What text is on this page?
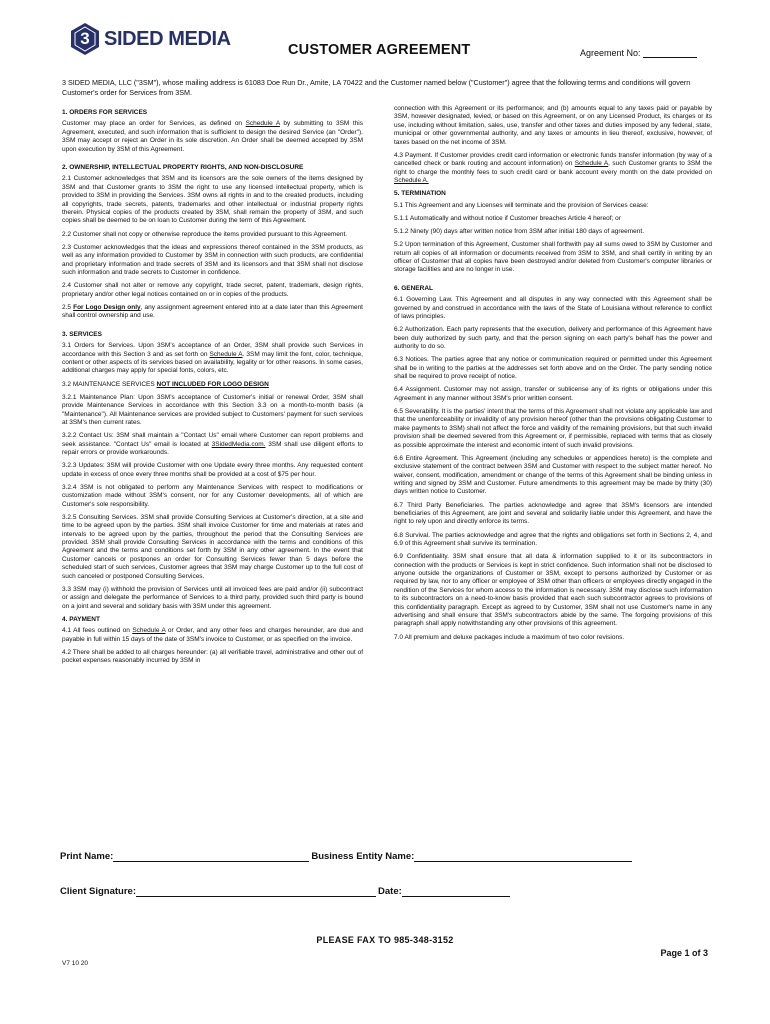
3 SIDED MEDIA
CUSTOMER AGREEMENT	Agreement No:
3 SIDED MEDIA, LLC ("3SM"), whose mailing address is 61083 Doe Run Dr., Amite, LA 70422 and the Customer named below ("Customer") agree that the following terms and conditions will govern Customer's order for Services from 3SM.
1. ORDERS FOR SERVICES

Customer may place an order for Services, as defined on Schedule A by submitting to 3SM this Agreement, executed, and such information that is sufficient to design the desired Service (an "Order"). 3SM may accept or reject an Order in its sole discretion. An Order shall be deemed accepted by 3SM upon execution by 3SM of this Agreement.

2. OWNERSHIP, INTELLECTUAL PROPERTY RIGHTS, AND NON-DISCLOSURE

2.1 Customer acknowledges that 3SM and its licensors are the sole owners of the items designed by 3SM and that Customer grants to 3SM the right to use any licensed intellectual property, which is provided to 3SM in providing the Services. 3SM owns all rights in and to the created products, including all copyrights, trade secrets, patents, trademarks and other intellectual or industrial property rights therein. Physical copies of the products created by 3SM, shall remain the property of 3SM, and such copies shall be deemed to be on loan to Customer during the term of this Agreement.

2.2 Customer shall not copy or otherwise reproduce the items provided pursuant to this Agreement.

2.3 Customer acknowledges that the ideas and expressions thereof contained in the 3SM products, as well as any information provided to Customer by 3SM in connection with such products, are confidential and proprietary information and trade secrets of 3SM and its licensors and that 3SM shall not disclose such information and trade secrets to Customer in confidence.

2.4 Customer shall not alter or remove any copyright, trade secret, patent, trademark, design rights, proprietary and/or other legal notices contained on or in copies of the products.

2.5 For Logo Design only, any assignment agreement entered into at a date later than this Agreement shall control ownership and use.

3. SERVICES

3.1 Orders for Services. Upon 3SM's acceptance of an Order, 3SM shall provide such Services in accordance with this Section 3 and as set forth on Schedule A. 3SM may limit the font, color, technique, content or other aspects of its services based on availability, legality or for other reasons. In some cases, additional charges may apply for special fonts, colors, etc.

3.2 MAINTENANCE SERVICES NOT INCLUDED FOR LOGO DESIGN

3.2.1 Maintenance Plan: Upon 3SM's acceptance of Customer's initial or renewal Order, 3SM shall provide Maintenance Services in accordance with this Section 3.3 on a month-to-month basis (a "Maintenance"). All Maintenance services are provided subject to Customers' payment for such services at 3SM's then current rates.

3.2.2 Contact Us: 3SM shall maintain a "Contact Us" email where Customer can report problems and seek assistance. "Contact Us" email is located at 3SidedMedia.com. 3SM shall use diligent efforts to repair errors or provide workarounds.

3.2.3 Updates: 3SM will provide Customer with one Update every three months. Any requested content update in excess of once every three months shall be provided at a cost of $75 per hour.

3.2.4 3SM is not obligated to perform any Maintenance Services with respect to modifications or customization made without 3SM's consent, nor for any Customer developments, all of which are Customer's sole responsibility.

3.2.5 Consulting Services. 3SM shall provide Consulting Services at Customer's direction, at a site and time to be agreed upon by the parties. 3SM shall invoice Customer for time and materials at rates and intervals to be agreed upon by the parties, throughout the period that the Consulting Services are provided. 3SM shall provide Consulting Services in accordance with the terms and conditions of this Agreement and the terms and conditions set forth by 3SM in any other agreement. In the event that Customer cancels or postpones an order for Consulting Services fewer than 5 days before the scheduled start of such services, Customer agrees that 3SM may charge Customer up to the full cost of such canceled or postponed Consulting Services.

3.3 3SM may (i) withhold the provision of Services until all invoiced fees are paid and/or (ii) subcontract or assign and delegate the performance of Services to a third party, provided such third party is bound on a joint and several and solidary basis with 3SM under this agreement.

4. PAYMENT

4.1 All fees outlined on Schedule A or Order, and any other fees and charges hereunder, are due and payable in full within 15 days of the date of 3SM's invoice to Customer, or as specified on the invoice.

4.2 There shall be added to all charges hereunder: (a) all verifiable travel, administrative and other out of pocket expenses reasonably incurred by 3SM in

connection with this Agreement or its performance; and (b) amounts equal to any taxes paid or payable by 3SM, however designated, levied, or based on this Agreement, or on any Licensed Product, its charges or its use, including without limitation, sales, use, transfer and other taxes and duties imposed by any federal, state, municipal or other governmental authority, and any taxes or amounts in lieu thereof, exclusive, however, of taxes based on the net income of 3SM.

4.3 Payment. If Customer provides credit card information or electronic funds transfer information (by way of a cancelled check or bank routing and account information) on Schedule A, such Customer grants to 3SM the right to charge the monthly fees to such credit card or bank account every month on the date provided on Schedule A.

5. TERMINATION

5.1 This Agreement and any Licenses will terminate and the provision of Services cease:

5.1.1 Automatically and without notice if Customer breaches Article 4 hereof; or

5.1.2 Ninety (90) days after written notice from 3SM after initial 180 days of agreement.

5.2 Upon termination of this Agreement, Customer shall forthwith pay all sums owed to 3SM by Customer and return all copies of all information or documents received from 3SM to 3SM, and shall certify in writing by an officer of Customer that all copies have been destroyed and/or deleted from Customer's computer libraries or storage facilities and are no longer in use.

6. GENERAL

6.1 Governing Law. This Agreement and all disputes in any way connected with this Agreement shall be governed by and construed in accordance with the laws of the State of Louisiana without reference to conflict of laws principles.

6.2 Authorization. Each party represents that the execution, delivery and performance of this Agreement have been duly authorized by such party, and that the person signing on each party's behalf has the power and authority to do so.

6.3 Notices. The parties agree that any notice or communication required or permitted under this Agreement shall be in writing to the parties at the addresses set forth above and on the Order. The party sending notice shall be required to prove receipt of notice.

6.4 Assignment. Customer may not assign, transfer or sublicense any of its rights or obligations under this Agreement in any manner without 3SM's prior written consent.

6.5 Severability. It is the parties' intent that the terms of this Agreement shall not violate any applicable law and that the unenforceability or invalidity of any provision hereof (other than the provisions obligating Customer to make payments to 3SM) shall not affect the force and validity of the remaining provisions, but that such invalid provision shall be deemed severed from this Agreement or, if permissible, replaced with terms that as closely as possible approximate the interest and economic intent of such invalid provisions.

6.6 Entire Agreement. This Agreement (including any schedules or appendices hereto) is the complete and exclusive statement of the contract between 3SM and Customer with respect to the subject matter hereof. No waiver, consent, modification, amendment or change of the terms of this Agreement shall be binding unless in writing and signed by 3SM and Customer. Future amendments to this agreement may be made by thirty (30) days written notice to Customer.

6.7 Third Party Beneficiaries. The parties acknowledge and agree that 3SM's licensors are intended beneficiaries of this Agreement, are joint and several and solidarily liable under this Agreement, and have the right to rely upon and directly enforce its terms.

6.8 Survival. The parties acknowledge and agree that the rights and obligations set forth in Sections 2, 4, and 6.9 of this Agreement shall survive its termination.

6.9 Confidentiality. 3SM shall ensure that all data & information supplied to it or its subcontractors in connection with the products or Services is kept in strict confidence. Such information shall not be disclosed to anyone outside the organizations of Customer or 3SM, except to persons authorized by Customer or as required by law, nor to any officer or employee of 3SM other than officers or employees directly engaged in the rendition of the Services for whom access to the information is necessary. 3SM may disclose such information to its subcontractors on a need-to-know basis provided that each such subcontractor agrees to provisions of this confidentiality paragraph. Except as agreed to by Customer, 3SM shall not use Customer's name in any advertising and shall ensure that 3SM's subcontractors abide by the same. The forgoing provisions of this paragraph shall apply notwithstanding any other provisions of this agreement.

7.0 All premium and deluxe packages include a maximum of two color revisions.

Print Name:	Business Entity Name:
Client Signature:	Date:
PLEASE FAX TO 985-348-3152
Page 1 of 3
V7 10 20
